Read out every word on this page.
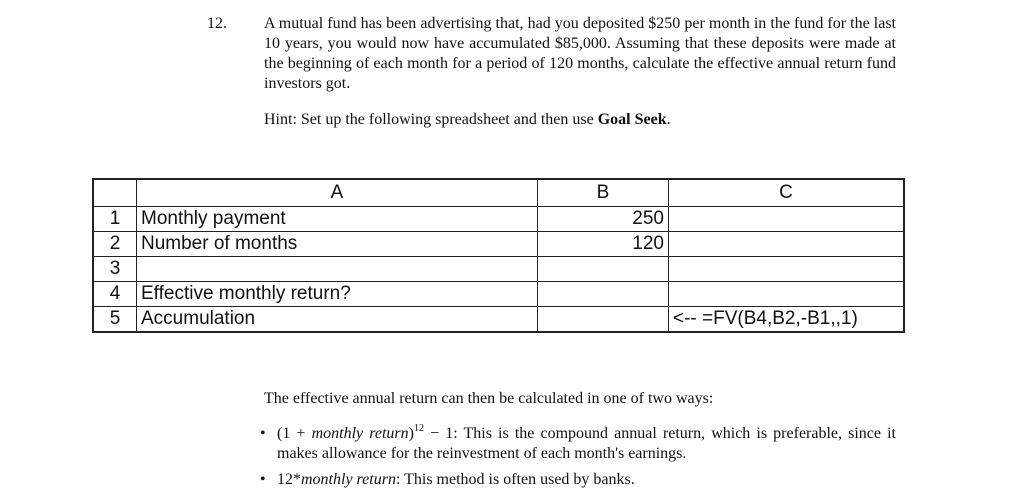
12. A mutual fund has been advertising that, had you deposited $250 per month in the fund for the last 10 years, you would now have accumulated $85,000. Assuming that these deposits were made at the beginning of each month for a period of 120 months, calculate the effective annual return fund investors got.
Hint: Set up the following spreadsheet and then use Goal Seek.
	A	B	C
1	Monthly payment	250	
2	Number of months	120	
3			
4	Effective monthly return?		
5	Accumulation		<-- =FV(B4,B2,-B1,,1)
The effective annual return can then be calculated in one of two ways:
• (1 + monthly return)$^{12}$ − 1: This is the compound annual return, which is preferable, since it makes allowance for the reinvestment of each month's earnings.
• 12*monthly return: This method is often used by banks.
